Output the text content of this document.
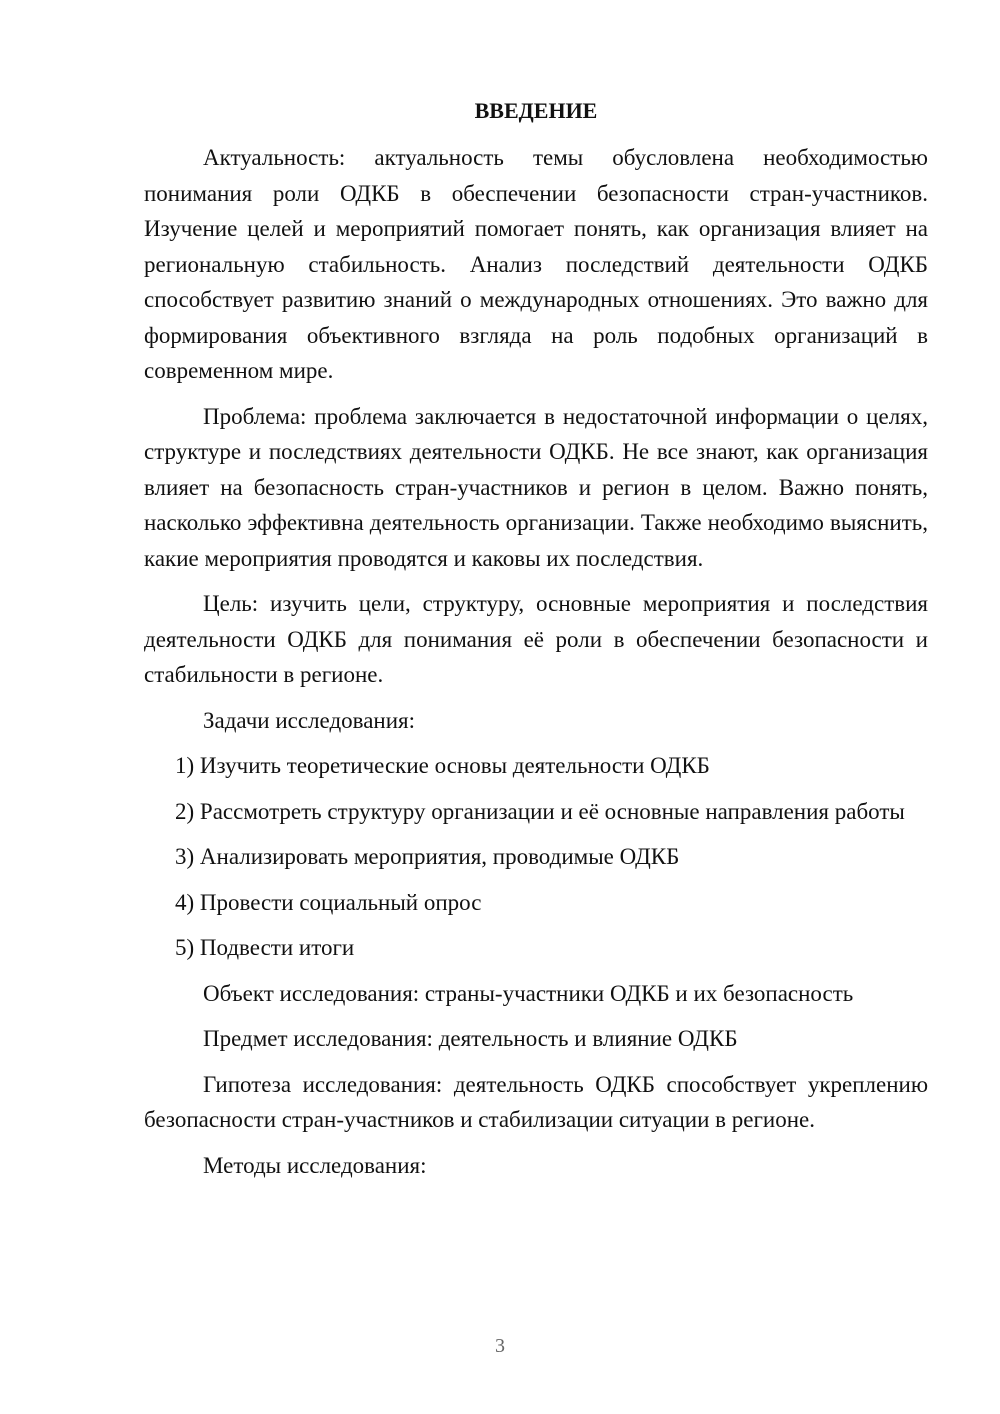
ВВЕДЕНИЕ

Актуальность: актуальность темы обусловлена необходимостью понимания роли ОДКБ в обеспечении безопасности стран-участников. Изучение целей и мероприятий помогает понять, как организация влияет на региональную стабильность. Анализ последствий деятельности ОДКБ способствует развитию знаний о международных отношениях. Это важно для формирования объективного взгляда на роль подобных организаций в современном мире.

Проблема: проблема заключается в недостаточной информации о целях, структуре и последствиях деятельности ОДКБ. Не все знают, как организация влияет на безопасность стран-участников и регион в целом. Важно понять, насколько эффективна деятельность организации. Также необходимо выяснить, какие мероприятия проводятся и каковы их последствия.

Цель: изучить цели, структуру, основные мероприятия и последствия деятельности ОДКБ для понимания её роли в обеспечении безопасности и стабильности в регионе.

Задачи исследования:

1) Изучить теоретические основы деятельности ОДКБ

2) Рассмотреть структуру организации и её основные направления работы

3) Анализировать мероприятия, проводимые ОДКБ

4) Провести социальный опрос

5) Подвести итоги

Объект исследования: страны-участники ОДКБ и их безопасность

Предмет исследования: деятельность и влияние ОДКБ

Гипотеза исследования: деятельность ОДКБ способствует укреплению безопасности стран-участников и стабилизации ситуации в регионе.

Методы исследования:

3
